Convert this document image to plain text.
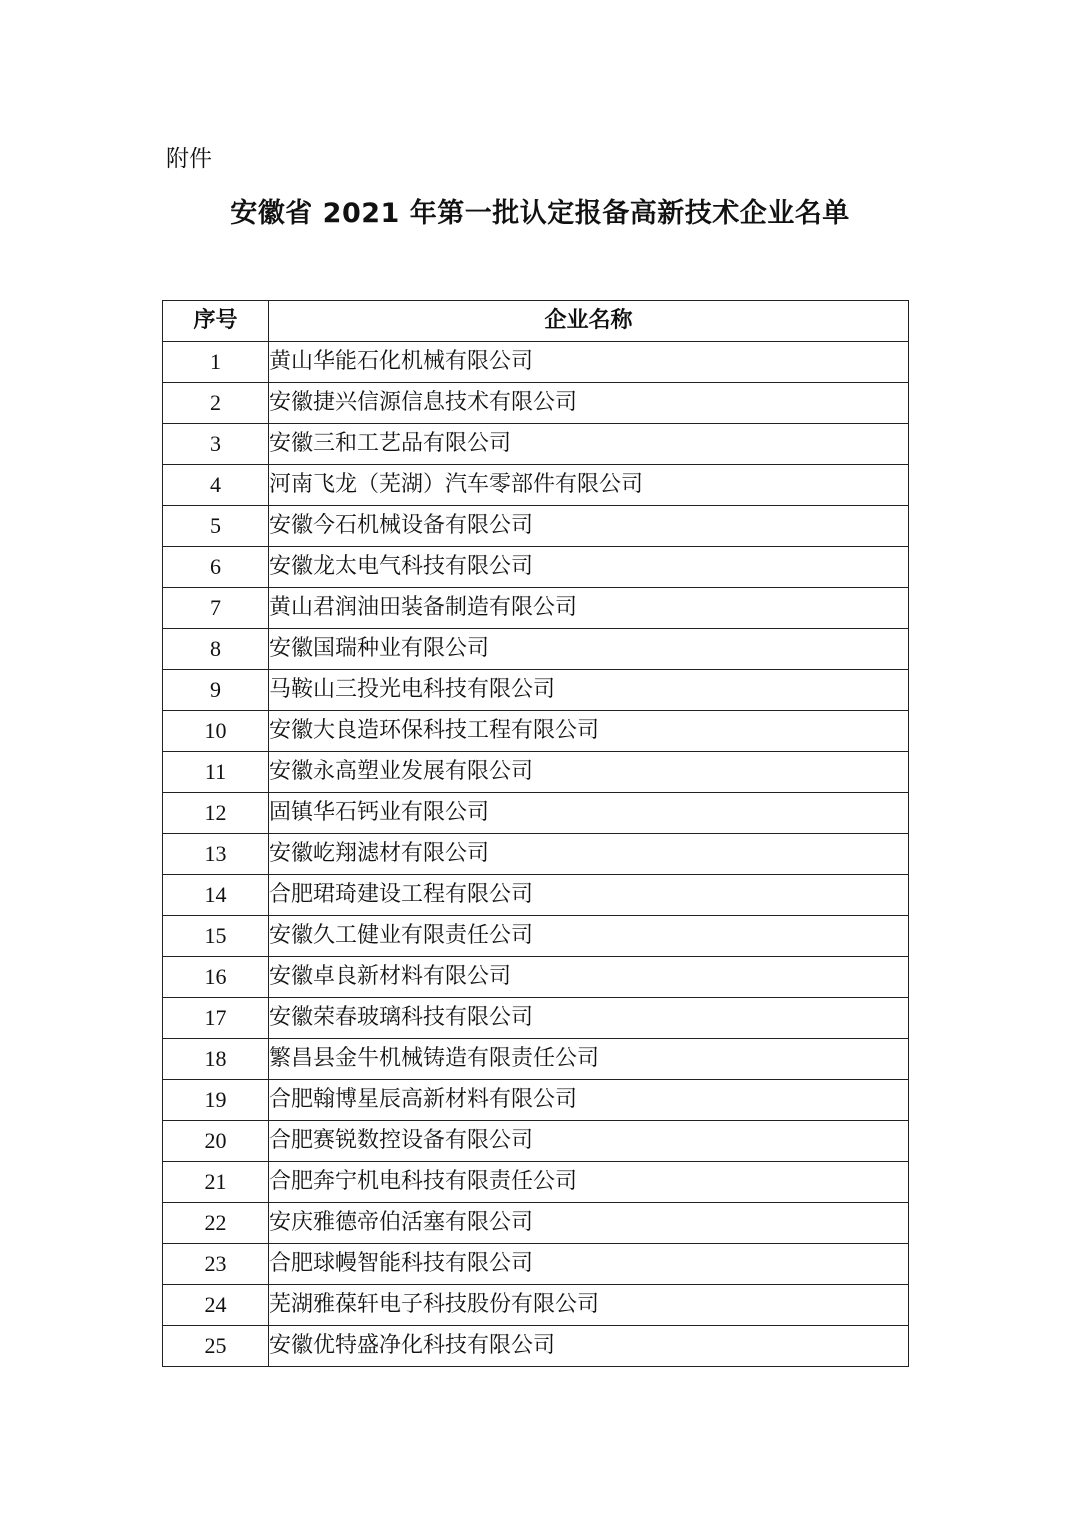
附件
安徽省 2021 年第一批认定报备高新技术企业名单
序号	企业名称
1	黄山华能石化机械有限公司
2	安徽捷兴信源信息技术有限公司
3	安徽三和工艺品有限公司
4	河南飞龙（芜湖）汽车零部件有限公司
5	安徽今石机械设备有限公司
6	安徽龙太电气科技有限公司
7	黄山君润油田装备制造有限公司
8	安徽国瑞种业有限公司
9	马鞍山三投光电科技有限公司
10	安徽大良造环保科技工程有限公司
11	安徽永高塑业发展有限公司
12	固镇华石钙业有限公司
13	安徽屹翔滤材有限公司
14	合肥珺琦建设工程有限公司
15	安徽久工健业有限责任公司
16	安徽卓良新材料有限公司
17	安徽荣春玻璃科技有限公司
18	繁昌县金牛机械铸造有限责任公司
19	合肥翰博星辰高新材料有限公司
20	合肥赛锐数控设备有限公司
21	合肥奔宁机电科技有限责任公司
22	安庆雅德帝伯活塞有限公司
23	合肥球幔智能科技有限公司
24	芜湖雅葆轩电子科技股份有限公司
25	安徽优特盛净化科技有限公司
